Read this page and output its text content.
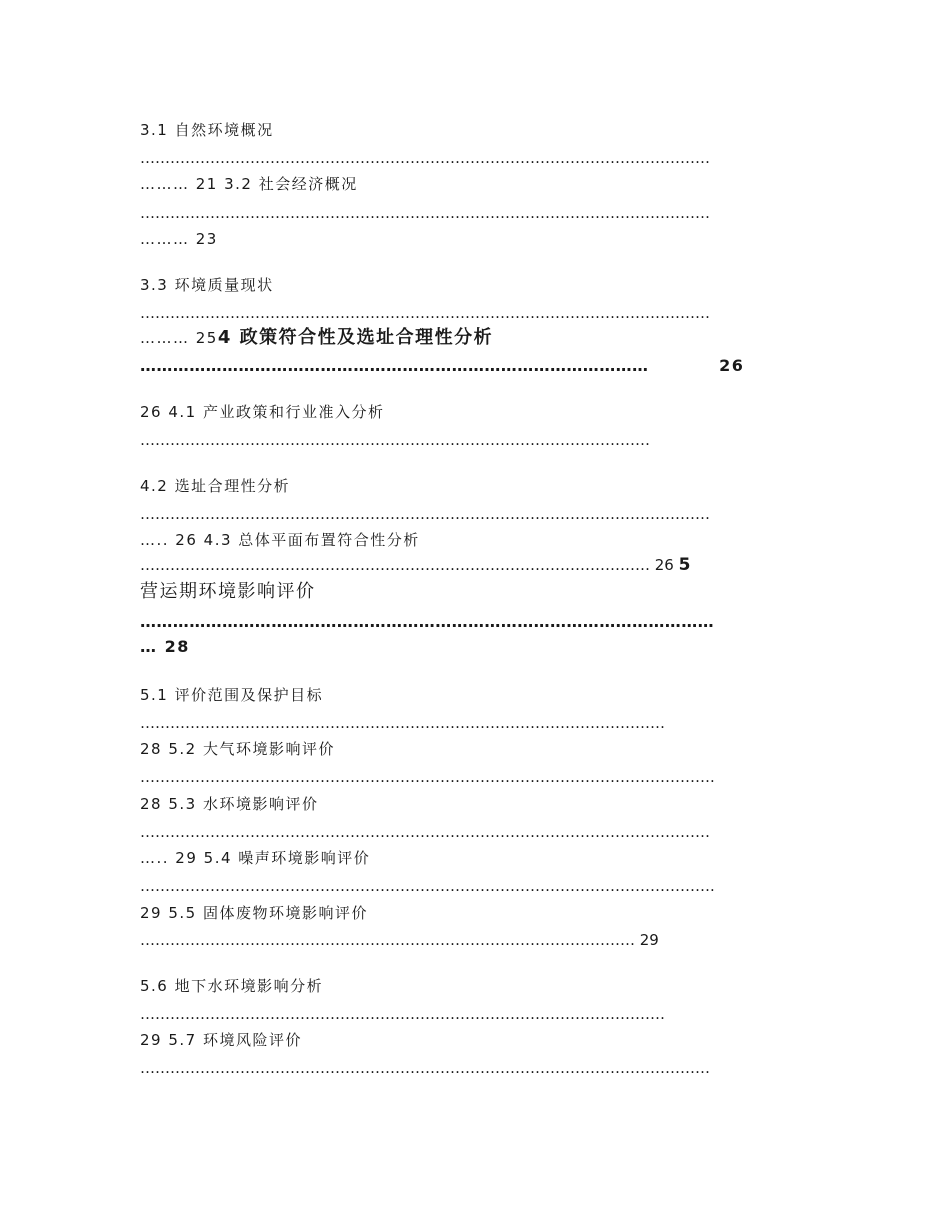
3.1 自然环境概况
……………………………………………………………………………………………………
……… 21 3.2 社会经济概况
……………………………………………………………………………………………………
……… 23
3.3 环境质量现状
……………………………………………………………………………………………………
……… 254 政策符合性及选址合理性分析
…………………………………………………………………………………	26
26 4.1 产业政策和行业准入分析
…………………………………………………………………………………………
4.2 选址合理性分析
……………………………………………………………………………………………………
….. 26 4.3 总体平面布置符合性分析
………………………………………………………………………………………… 26 5
营运期环境影响评价
……………………………………………………………………………………………
… 28
5.1 评价范围及保护目标
……………………………………………………………………………………………
28 5.2 大气环境影响评价
…………………………………………………………………………………………………….
28 5.3 水环境影响评价
……………………………………………………………………………………………………
….. 29 5.4 噪声环境影响评价
…………………………………………………………………………………………………….
29 5.5 固体废物环境影响评价
……………………………………………………………………………………… 29
5.6 地下水环境影响分析
……………………………………………………………………………………………
29 5.7 环境风险评价
……………………………………………………………………………………………………
